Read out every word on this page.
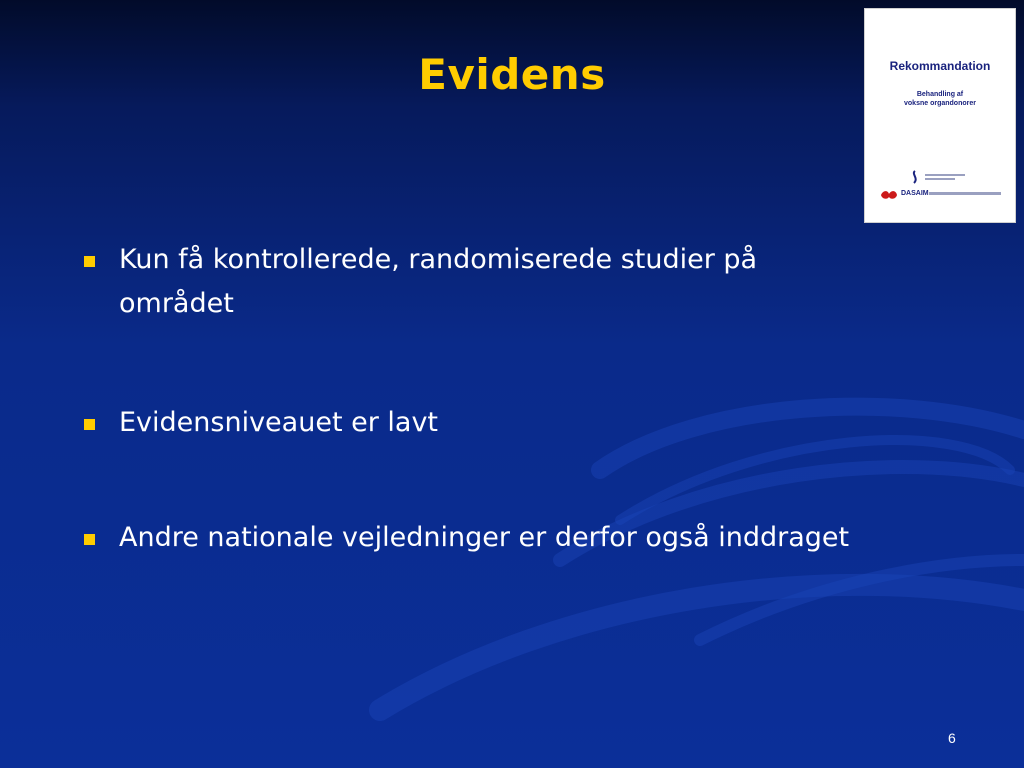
Evidens	Rekommandation
Behandling af
voksne organdonorer
DASAIM
Kun få kontrollerede, randomiserede studier på området
Evidensniveauet er lavt
Andre nationale vejledninger er derfor også inddraget
6
